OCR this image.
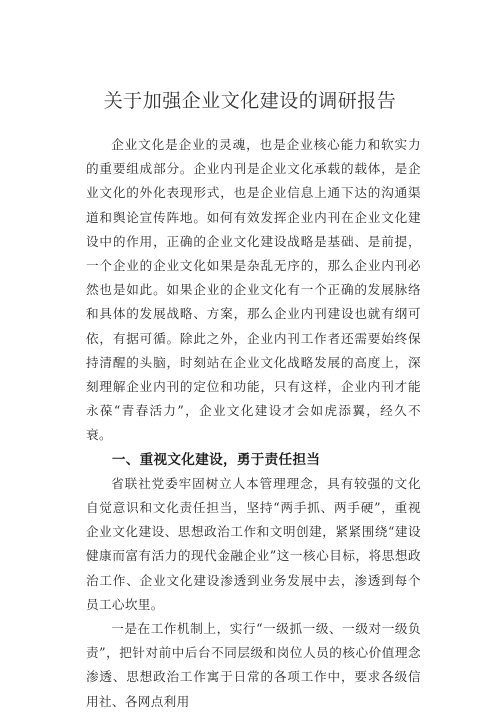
关于加强企业文化建设的调研报告

企业文化是企业的灵魂，也是企业核心能力和软实力的重要组成部分。企业内刊是企业文化承载的载体，是企业文化的外化表现形式，也是企业信息上通下达的沟通渠道和舆论宣传阵地。如何有效发挥企业内刊在企业文化建设中的作用，正确的企业文化建设战略是基础、是前提，一个企业的企业文化如果是杂乱无序的，那么企业内刊必然也是如此。如果企业的企业文化有一个正确的发展脉络和具体的发展战略、方案，那么企业内刊建设也就有纲可依，有据可循。除此之外，企业内刊工作者还需要始终保持清醒的头脑，时刻站在企业文化战略发展的高度上，深刻理解企业内刊的定位和功能，只有这样，企业内刊才能永葆“青春活力”，企业文化建设才会如虎添翼，经久不衰。

一、重视文化建设，勇于责任担当

省联社党委牢固树立人本管理理念，具有较强的文化自觉意识和文化责任担当，坚持“两手抓、两手硬”，重视企业文化建设、思想政治工作和文明创建，紧紧围绕“建设健康而富有活力的现代金融企业”这一核心目标，将思想政治工作、企业文化建设渗透到业务发展中去，渗透到每个员工心坎里。

一是在工作机制上，实行“一级抓一级、一级对一级负责”，把针对前中后台不同层级和岗位人员的核心价值理念渗透、思想政治工作寓于日常的各项工作中，要求各级信用社、各网点利用
